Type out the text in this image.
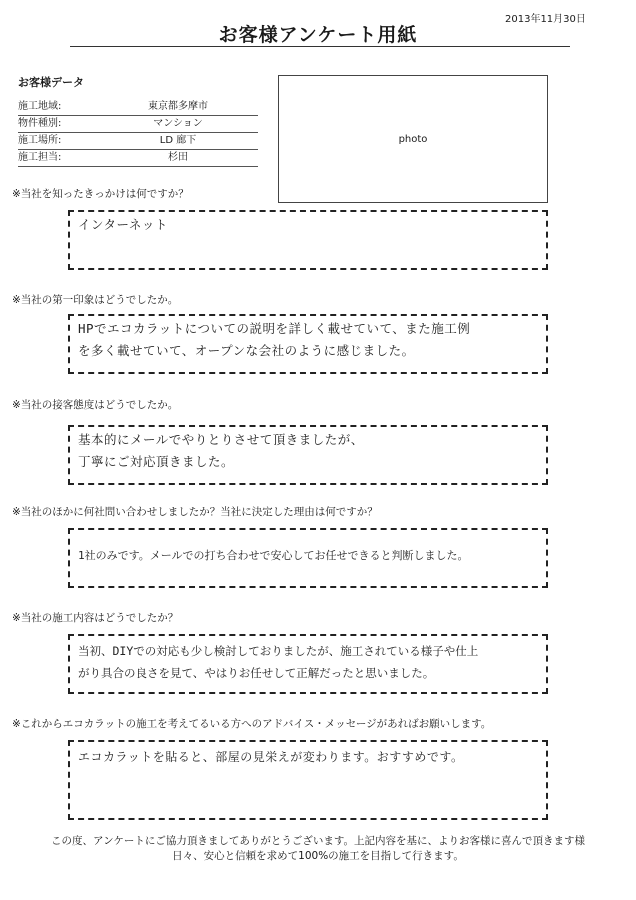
2013年11月30日
お客様アンケート用紙
お客様データ
施工地域:	東京都多摩市
物件種別:	マンション
施工場所:	LD 廊下
施工担当:	杉田
photo
※当社を知ったきっかけは何ですか？
インターネット
※当社の第一印象はどうでしたか。
HPでエコカラットについての説明を詳しく載せていて、また施工例
を多く載せていて、オープンな会社のように感じました。
※当社の接客態度はどうでしたか。
基本的にメールでやりとりさせて頂きましたが、
丁寧にご対応頂きました。
※当社のほかに何社問い合わせしましたか？当社に決定した理由は何ですか？
1社のみです。メールでの打ち合わせで安心してお任せできると判断しました。
※当社の施工内容はどうでしたか？
当初、DIYでの対応も少し検討しておりましたが、施工されている様子や仕上
がり具合の良さを見て、やはりお任せして正解だったと思いました。
※これからエコカラットの施工を考えてるいる方へのアドバイス・メッセージがあればお願いします。
エコカラットを貼ると、部屋の見栄えが変わります。おすすめです。
この度、アンケートにご協力頂きましてありがとうございます。上記内容を基に、よりお客様に喜んで頂きます様
日々、安心と信頼を求めて100%の施工を目指して行きます。
